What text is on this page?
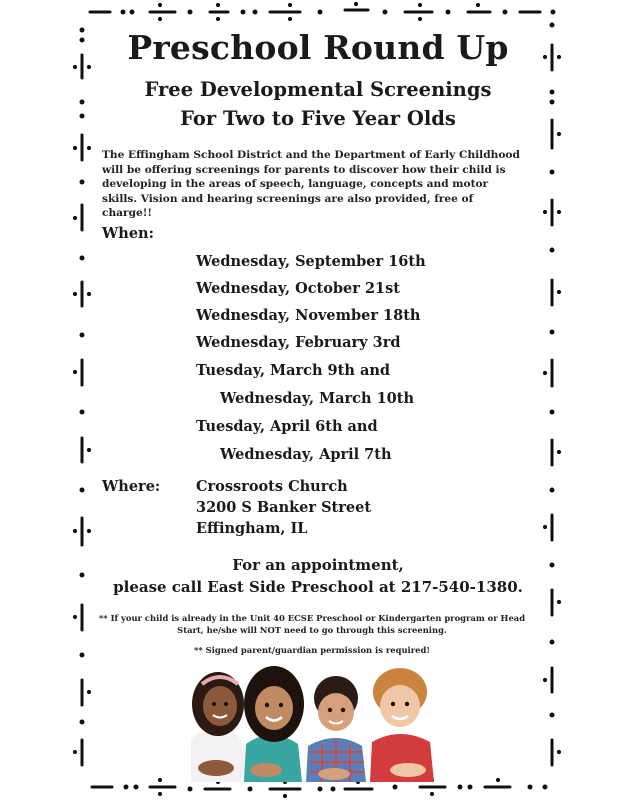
Preschool Round Up
Free Developmental Screenings
For Two to Five Year Olds
The Effingham School District and the Department of Early Childhood will be offering screenings for parents to discover how their child is developing in the areas of speech, language, concepts and motor skills. Vision and hearing screenings are also provided, free of charge!!
When:
Wednesday, September 16th
Wednesday, October 21st
Wednesday, November 18th
Wednesday, February 3rd
Tuesday, March 9th and
Wednesday, March 10th
Tuesday, April 6th and
Wednesday, April 7th
Where: Crossroots Church
3200 S Banker Street
Effingham, IL
For an appointment,
please call East Side Preschool at 217-540-1380.
** If your child is already in the Unit 40 ECSE Preschool or Kindergarten program or Head Start, he/she will NOT need to go through this screening.
** Signed parent/guardian permission is required!
